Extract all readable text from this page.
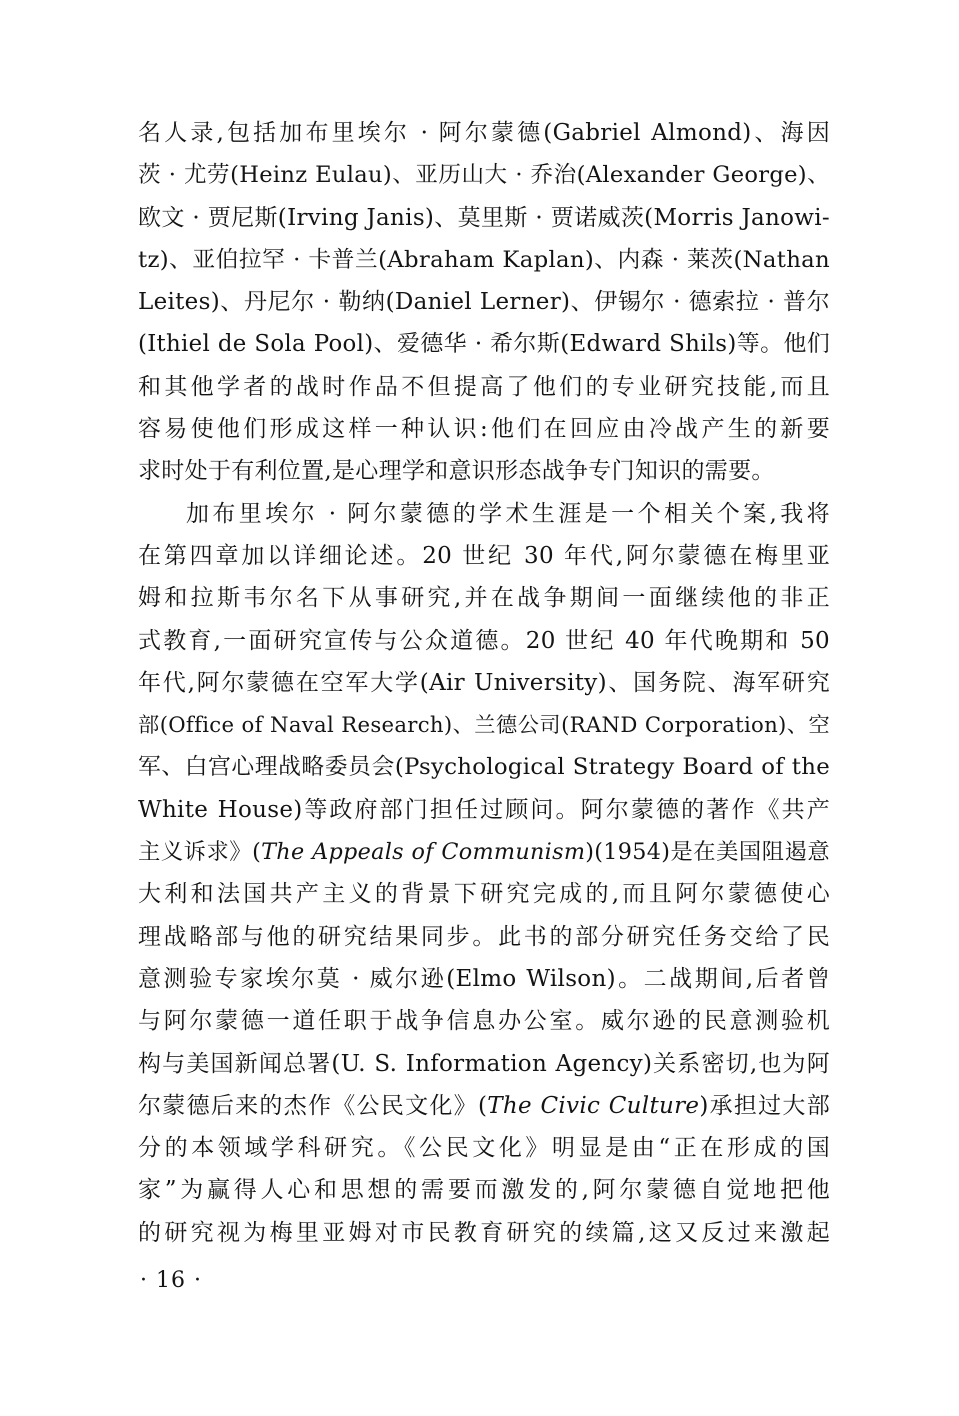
名人录,包括加布里埃尔 · 阿尔蒙德(Gabriel Almond)、海因
茨 · 尤劳(Heinz Eulau)、亚历山大 · 乔治(Alexander George)、
欧文 · 贾尼斯(Irving Janis)、莫里斯 · 贾诺威茨(Morris Janowi-
tz)、亚伯拉罕 · 卡普兰(Abraham Kaplan)、内森 · 莱茨(Nathan
Leites)、丹尼尔 · 勒纳(Daniel Lerner)、伊锡尔 · 德索拉 · 普尔
(Ithiel de Sola Pool)、爱德华 · 希尔斯(Edward Shils)等。他们
和其他学者的战时作品不但提高了他们的专业研究技能,而且
容易使他们形成这样一种认识:他们在回应由冷战产生的新要
求时处于有利位置,是心理学和意识形态战争专门知识的需要。
加布里埃尔 · 阿尔蒙德的学术生涯是一个相关个案,我将
在第四章加以详细论述。20 世纪 30 年代,阿尔蒙德在梅里亚
姆和拉斯韦尔名下从事研究,并在战争期间一面继续他的非正
式教育,一面研究宣传与公众道德。20 世纪 40 年代晚期和 50
年代,阿尔蒙德在空军大学(Air University)、国务院、海军研究
部(Office of Naval Research)、兰德公司(RAND Corporation)、空
军、白宫心理战略委员会(Psychological Strategy Board of the
White House)等政府部门担任过顾问。阿尔蒙德的著作《共产
主义诉求》(The Appeals of Communism)(1954)是在美国阻遏意
大利和法国共产主义的背景下研究完成的,而且阿尔蒙德使心
理战略部与他的研究结果同步。此书的部分研究任务交给了民
意测验专家埃尔莫 · 威尔逊(Elmo Wilson)。二战期间,后者曾
与阿尔蒙德一道任职于战争信息办公室。威尔逊的民意测验机
构与美国新闻总署(U. S. Information Agency)关系密切,也为阿
尔蒙德后来的杰作《公民文化》(The Civic Culture)承担过大部
分的本领域学科研究。《公民文化》明显是由“正在形成的国
家”为赢得人心和思想的需要而激发的,阿尔蒙德自觉地把他
的研究视为梅里亚姆对市民教育研究的续篇,这又反过来激起
· 16 ·
